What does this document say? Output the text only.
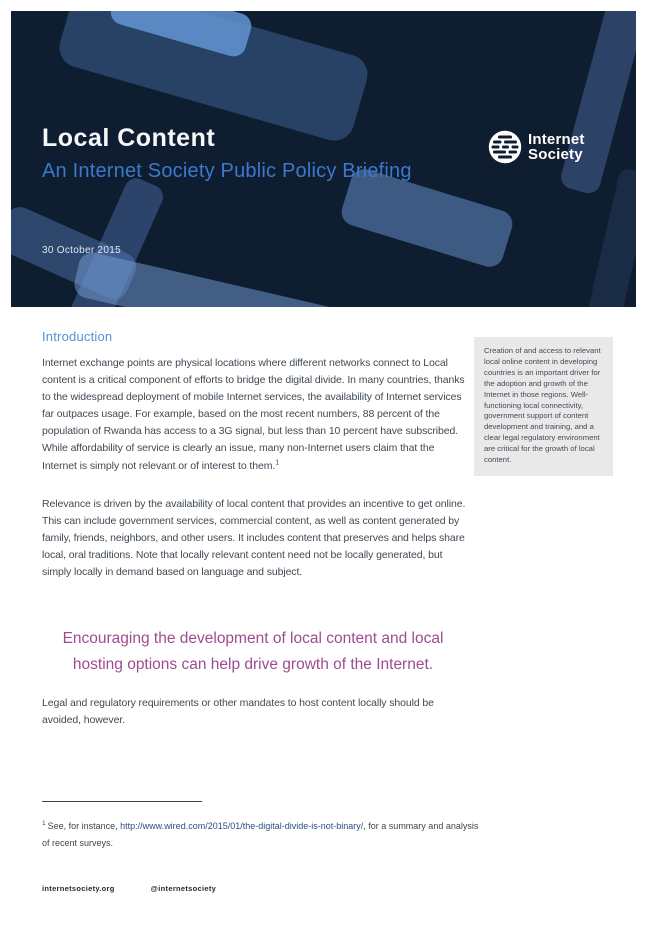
Local Content
An Internet Society Public Policy Briefing
Internet
Society
30 October 2015
Introduction

Internet exchange points are physical locations where different networks connect to Local content is a critical component of efforts to bridge the digital divide. In many countries, thanks to the widespread deployment of mobile Internet services, the availability of Internet services far outpaces usage. For example, based on the most recent numbers, 88 percent of the population of Rwanda has access to a 3G signal, but less than 10 percent have subscribed. While affordability of service is clearly an issue, many non-Internet users claim that the Internet is simply not relevant or of interest to them.$^1$

Creation of and access to relevant local online content in developing countries is an important driver for the adoption and growth of the Internet in those regions. Well-functioning local connectivity, government support of content development and training, and a clear legal regulatory environment are critical for the growth of local content.

Relevance is driven by the availability of local content that provides an incentive to get online. This can include government services, commercial content, as well as content generated by family, friends, neighbors, and other users. It includes content that preserves and helps share local, oral traditions. Note that locally relevant content need not be locally generated, but simply locally in demand based on language and subject.

Encouraging the development of local content and local hosting options can help drive growth of the Internet.

Legal and regulatory requirements or other mandates to host content locally should be avoided, however.

$^1$ See, for instance, http://www.wired.com/2015/01/the-digital-divide-is-not-binary/, for a summary and analysis of recent surveys.

internetsociety.org	@internetsociety
